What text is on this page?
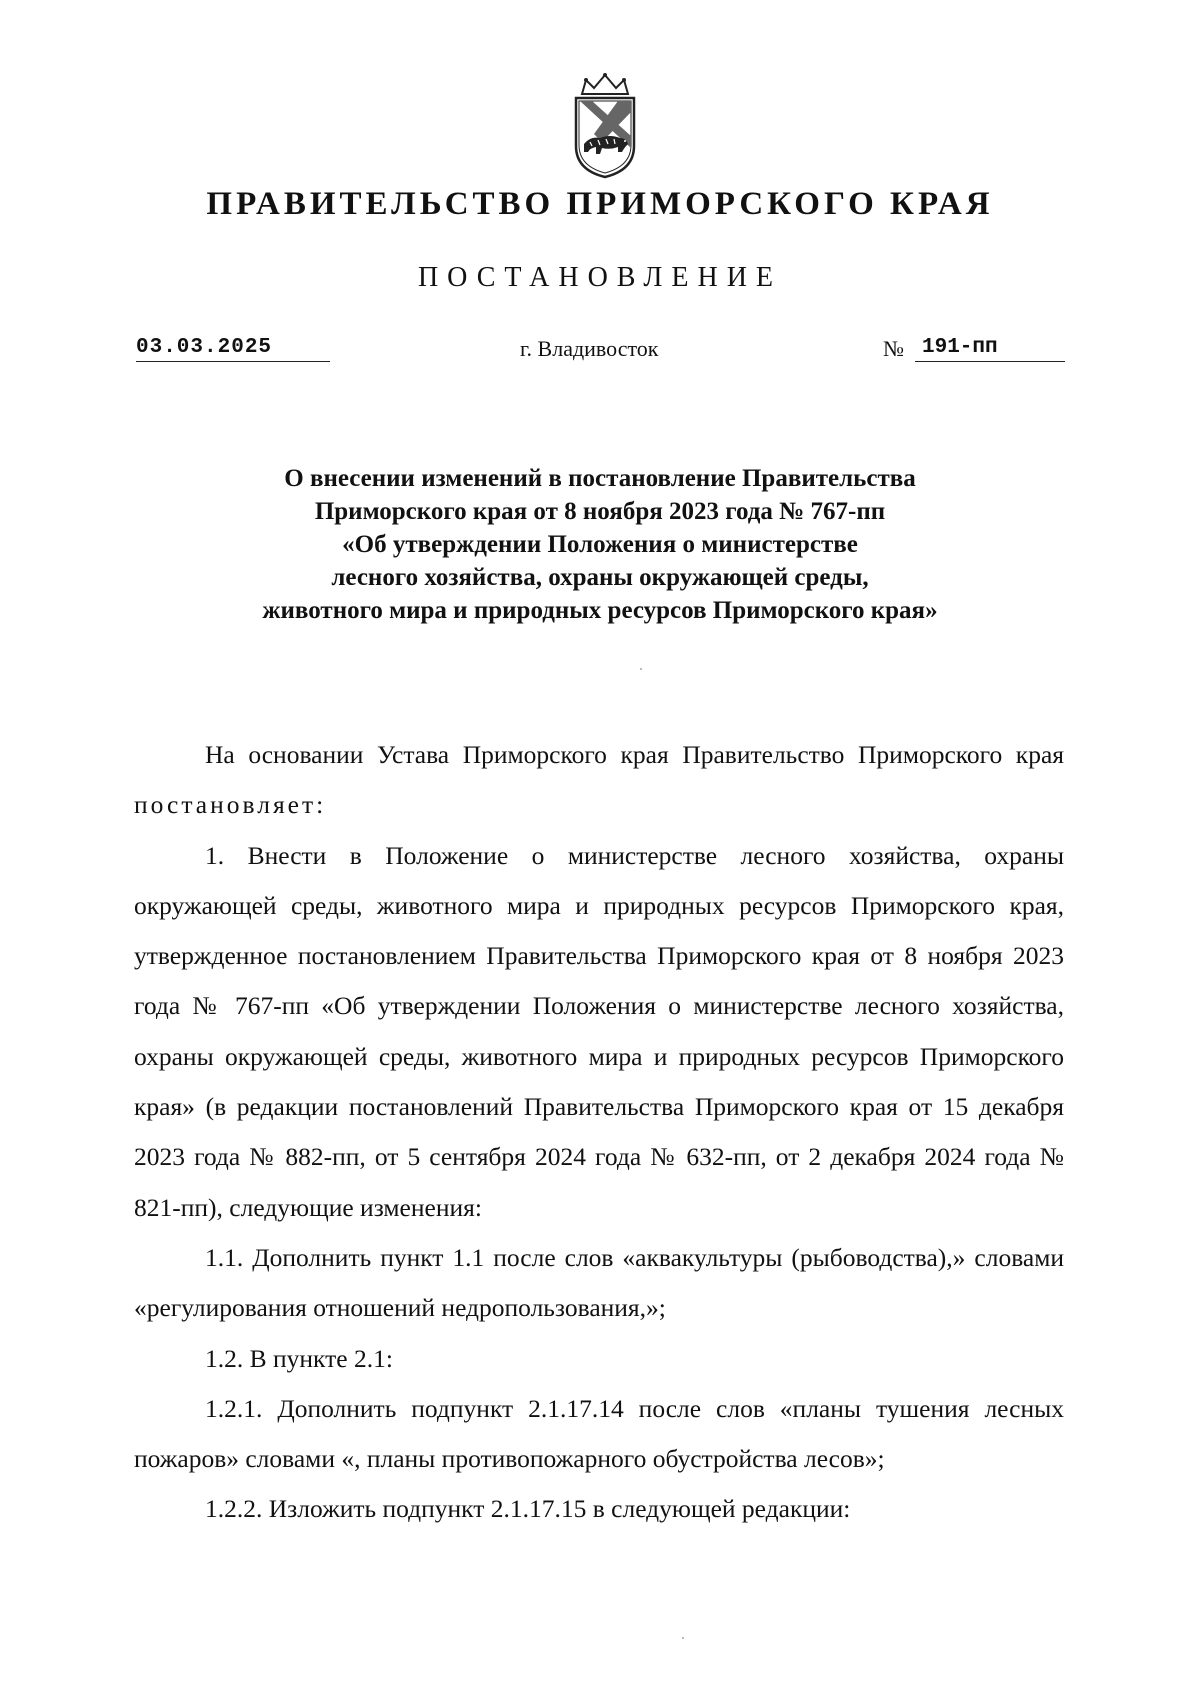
ПРАВИТЕЛЬСТВО ПРИМОРСКОГО КРАЯ
ПОСТАНОВЛЕНИЕ
03.03.2025	г. Владивосток	№ 191-пп
О внесении изменений в постановление Правительства
Приморского края от 8 ноября 2023 года № 767-пп
«Об утверждении Положения о министерстве
лесного хозяйства, охраны окружающей среды,
животного мира и природных ресурсов Приморского края»

На основании Устава Приморского края Правительство Приморского края постановляет:

1. Внести в Положение о министерстве лесного хозяйства, охраны окружающей среды, животного мира и природных ресурсов Приморского края, утвержденное постановлением Правительства Приморского края от 8 ноября 2023 года № 767-пп «Об утверждении Положения о министерстве лесного хозяйства, охраны окружающей среды, животного мира и природных ресурсов Приморского края» (в редакции постановлений Правительства Приморского края от 15 декабря 2023 года № 882-пп, от 5 сентября 2024 года № 632-пп, от 2 декабря 2024 года № 821-пп), следующие изменения:

1.1. Дополнить пункт 1.1 после слов «аквакультуры (рыбоводства),» словами «регулирования отношений недропользования,»;

1.2. В пункте 2.1:

1.2.1. Дополнить подпункт 2.1.17.14 после слов «планы тушения лесных пожаров» словами «, планы противопожарного обустройства лесов»;

1.2.2. Изложить подпункт 2.1.17.15 в следующей редакции:
